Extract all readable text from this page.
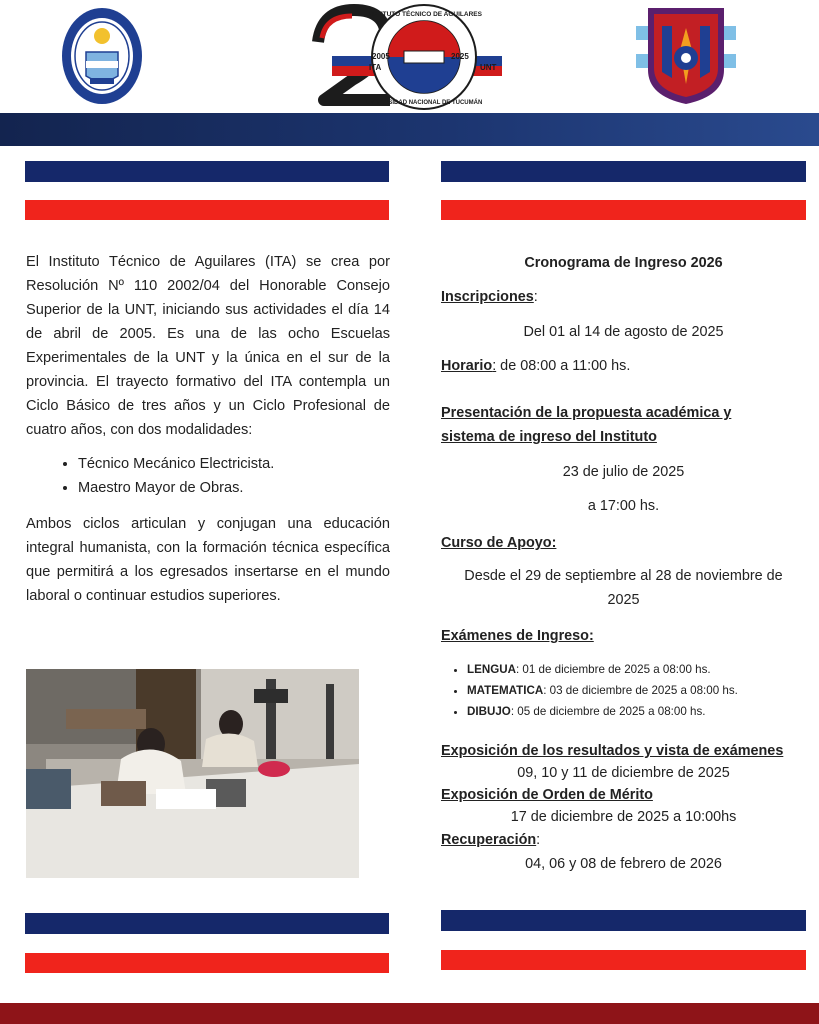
ITA	UNT
2005	2025
INSTITUTO TÉCNICO DE AGUILARES
UNIVERSIDAD NACIONAL DE TUCUMÁN

El Instituto Técnico de Aguilares (ITA) se crea por Resolución Nº 110 2002/04 del Honorable Consejo Superior de la UNT, iniciando sus actividades el día 14 de abril de 2005. Es una de las ocho Escuelas Experimentales de la UNT y la única en el sur de la provincia. El trayecto formativo del ITA contempla un Ciclo Básico de tres años y un Ciclo Profesional de cuatro años, con dos modalidades:

• Técnico Mecánico Electricista.
• Maestro Mayor de Obras.

Ambos ciclos articulan y conjugan una educación integral humanista, con la formación técnica específica que permitirá a los egresados insertarse en el mundo laboral o continuar estudios superiores.

Cronograma de Ingreso 2026
Inscripciones:
Del 01 al 14 de agosto de 2025
Horario: de 08:00 a 11:00 hs.
Presentación de la propuesta académica y
sistema de ingreso del Instituto
23 de julio de 2025
a 17:00 hs.
Curso de Apoyo:
Desde el 29 de septiembre al 28 de noviembre de
2025
Exámenes de Ingreso:
• LENGUA: 01 de diciembre de 2025 a 08:00 hs.
• MATEMATICA: 03 de diciembre de 2025 a 08:00 hs.
• DIBUJO: 05 de diciembre de 2025 a 08:00 hs.
Exposición de los resultados y vista de exámenes
09, 10 y 11 de diciembre de 2025
Exposición de Orden de Mérito
17 de diciembre de 2025 a 10:00hs
Recuperación:
04, 06 y 08 de febrero de 2026
